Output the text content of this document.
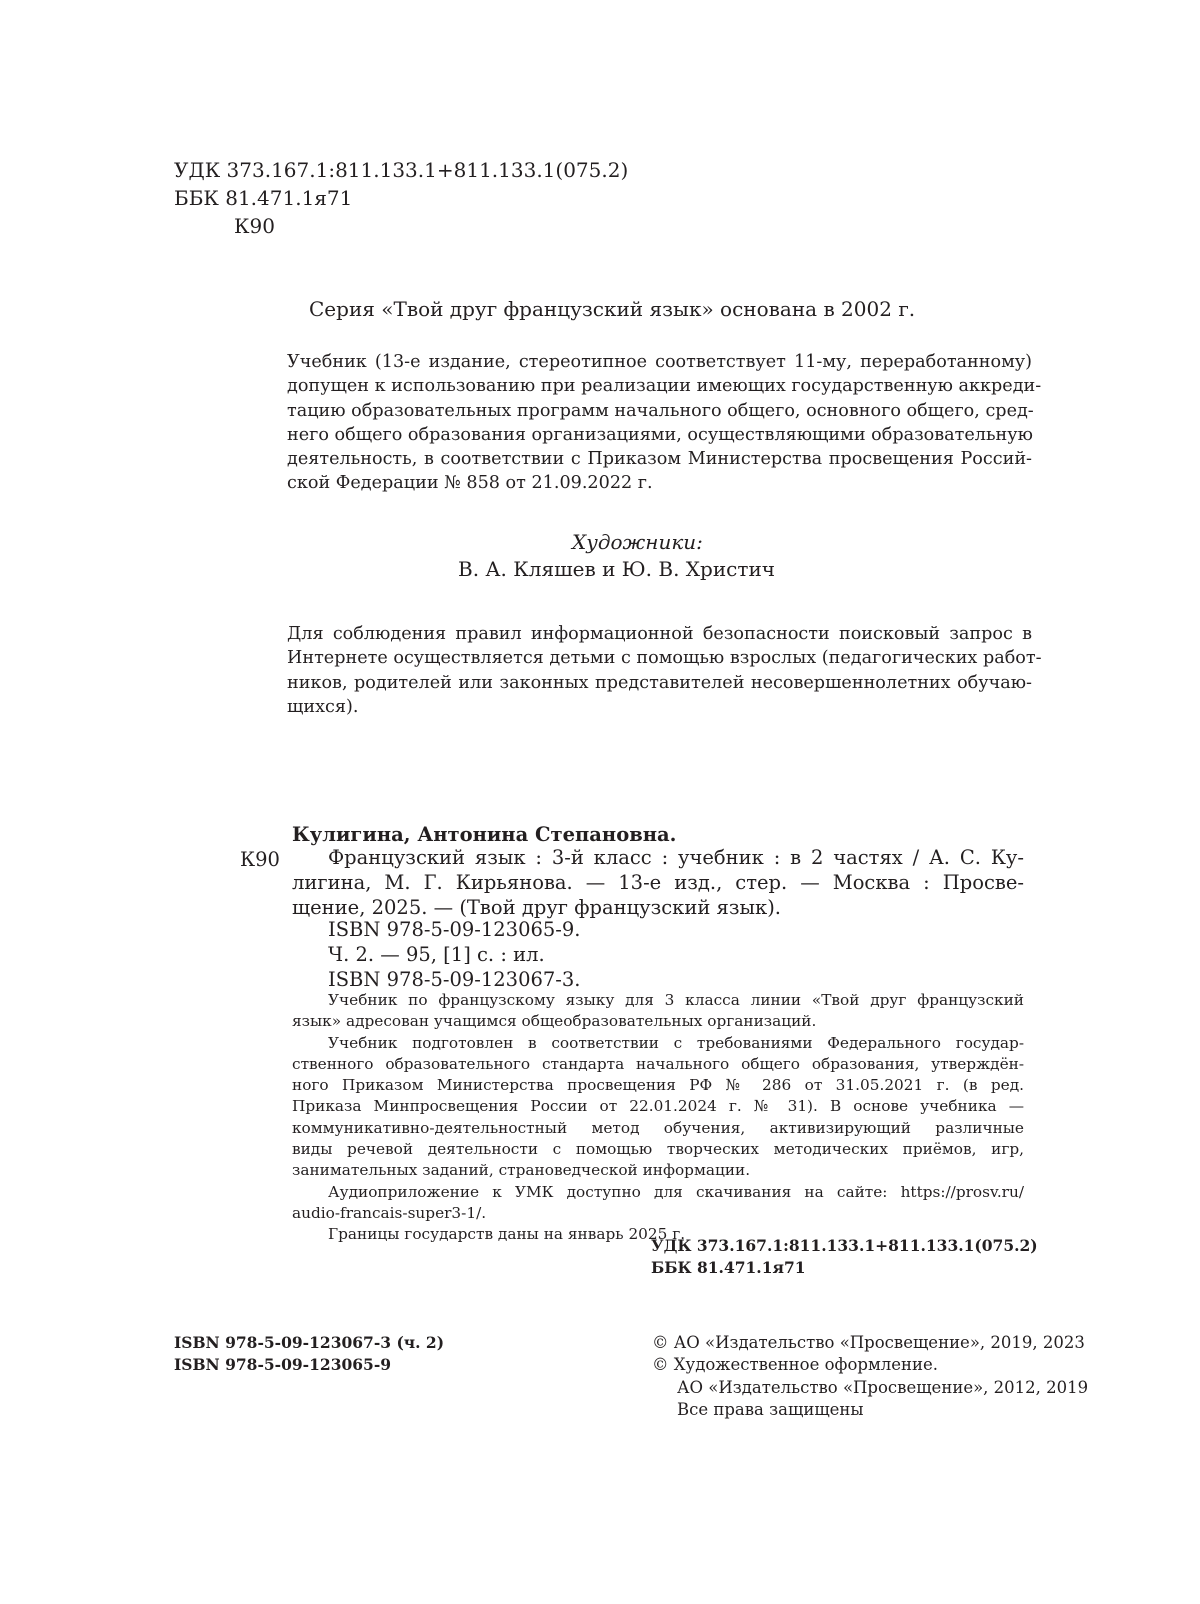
УДК 373.167.1:811.133.1+811.133.1(075.2)
ББК 81.471.1я71
К90
Серия «Твой друг французский язык» основана в 2002 г.
Учебник (13-е издание, стереотипное соответствует 11-му, переработанному)
допущен к использованию при реализации имеющих государственную аккреди-
тацию образовательных программ начального общего, основного общего, сред-
него общего образования организациями, осуществляющими образовательную
деятельность, в соответствии с Приказом Министерства просвещения Россий-
ской Федерации № 858 от 21.09.2022 г.
Художники:
В. А. Кляшев и Ю. В. Христич
Для соблюдения правил информационной безопасности поисковый запрос в
Интернете осуществляется детьми с помощью взрослых (педагогических работ-
ников, родителей или законных представителей несовершеннолетних обучаю-
щихся).
Кулигина, Антонина Степановна.
К90	Французский язык : 3-й класс : учебник : в 2 частях / А. С. Ку-
лигина, М. Г. Кирьянова. — 13-е изд., стер. — Москва : Просве-
щение, 2025. — (Твой друг французский язык).
ISBN 978-5-09-123065-9.
Ч. 2. — 95, [1] с. : ил.
ISBN 978-5-09-123067-3.
Учебник по французскому языку для 3 класса линии «Твой друг французский
язык» адресован учащимся общеобразовательных организаций.
Учебник подготовлен в соответствии с требованиями Федерального государ-
ственного образовательного стандарта начального общего образования, утверждён-
ного Приказом Министерства просвещения РФ № 286 от 31.05.2021 г. (в ред.
Приказа Минпросвещения России от 22.01.2024 г. № 31). В основе учебника —
коммуникативно-деятельностный метод обучения, активизирующий различные
виды речевой деятельности с помощью творческих методических приёмов, игр,
занимательных заданий, страноведческой информации.
Аудиоприложение к УМК доступно для скачивания на сайте: https://prosv.ru/
audio-francais-super3-1/.
Границы государств даны на январь 2025 г.
УДК 373.167.1:811.133.1+811.133.1(075.2)
ББК 81.471.1я71
ISBN 978-5-09-123067-3 (ч. 2)
ISBN 978-5-09-123065-9
© АО «Издательство «Просвещение», 2019, 2023
© Художественное оформление.
АО «Издательство «Просвещение», 2012, 2019
Все права защищены
